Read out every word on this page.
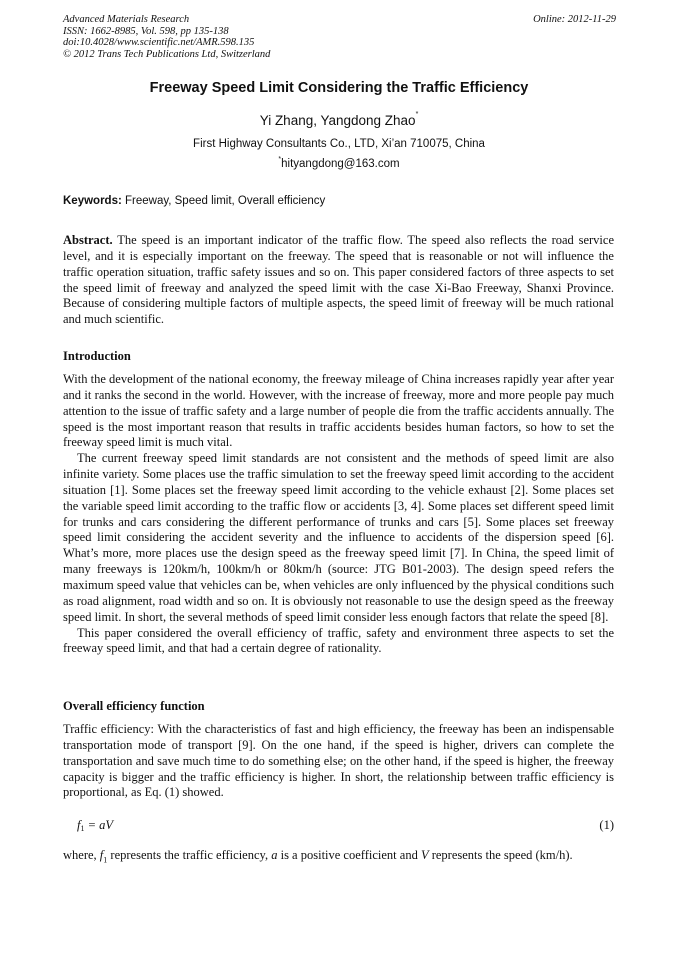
Advanced Materials Research
ISSN: 1662-8985, Vol. 598, pp 135-138
doi:10.4028/www.scientific.net/AMR.598.135
© 2012 Trans Tech Publications Ltd, Switzerland
Online: 2012-11-29
Freeway Speed Limit Considering the Traffic Efficiency
Yi Zhang, Yangdong Zhao*
First Highway Consultants Co., LTD, Xi’an 710075, China
*hityangdong@163.com
Keywords: Freeway, Speed limit, Overall efficiency

Abstract. The speed is an important indicator of the traffic flow. The speed also reflects the road service level, and it is especially important on the freeway. The speed that is reasonable or not will influence the traffic operation situation, traffic safety issues and so on. This paper considered factors of three aspects to set the speed limit of freeway and analyzed the speed limit with the case Xi-Bao Freeway, Shanxi Province. Because of considering multiple factors of multiple aspects, the speed limit of freeway will be much rational and much scientific.

Introduction

With the development of the national economy, the freeway mileage of China increases rapidly year after year and it ranks the second in the world. However, with the increase of freeway, more and more people pay much attention to the issue of traffic safety and a large number of people die from the traffic accidents annually. The speed is the most important reason that results in traffic accidents besides human factors, so how to set the freeway speed limit is much vital.

The current freeway speed limit standards are not consistent and the methods of speed limit are also infinite variety. Some places use the traffic simulation to set the freeway speed limit according to the accident situation [1]. Some places set the freeway speed limit according to the vehicle exhaust [2]. Some places set the variable speed limit according to the traffic flow or accidents [3, 4]. Some places set different speed limit for trunks and cars considering the different performance of trunks and cars [5]. Some places set freeway speed limit considering the accident severity and the influence to accidents of the dispersion speed [6]. What’s more, more places use the design speed as the freeway speed limit [7]. In China, the speed limit of many freeways is 120km/h, 100km/h or 80km/h (source: JTG B01-2003). The design speed refers the maximum speed value that vehicles can be, when vehicles are only influenced by the physical conditions such as road alignment, road width and so on. It is obviously not reasonable to use the design speed as the freeway speed limit. In short, the several methods of speed limit consider less enough factors that relate the speed [8].

This paper considered the overall efficiency of traffic, safety and environment three aspects to set the freeway speed limit, and that had a certain degree of rationality.

Overall efficiency function

Traffic efficiency: With the characteristics of fast and high efficiency, the freeway has been an indispensable transportation mode of transport [9]. On the one hand, if the speed is higher, drivers can complete the transportation and save much time to do something else; on the other hand, if the speed is higher, the freeway capacity is bigger and the traffic efficiency is higher. In short, the relationship between traffic efficiency is proportional, as Eq. (1) showed.

$f_1$ = aV	(1)

where, $f_1$ represents the traffic efficiency, a is a positive coefficient and V represents the speed (km/h).
